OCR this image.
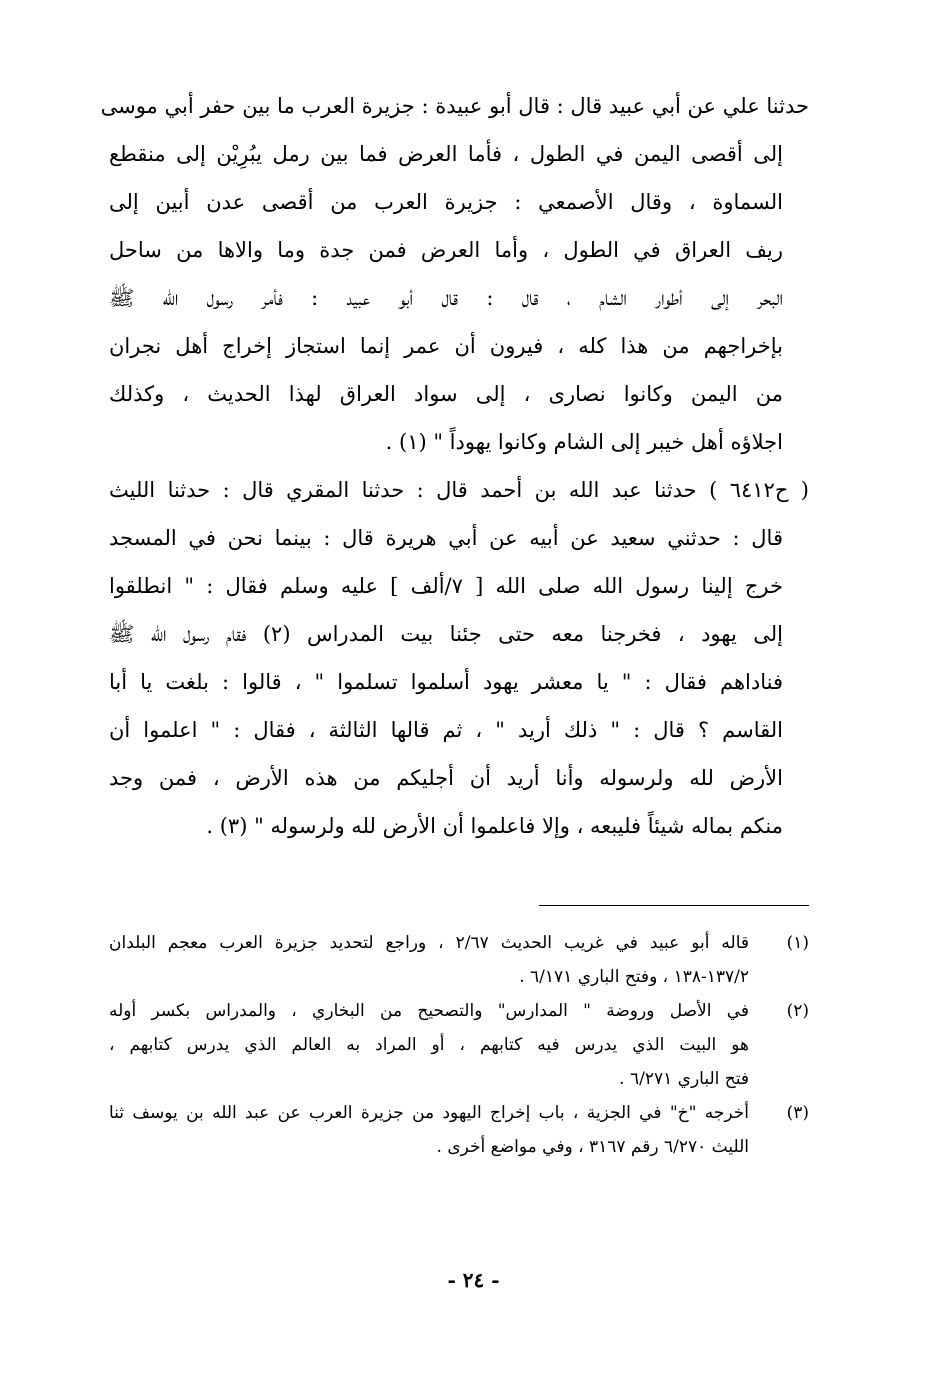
حدثنا علي عن أبي عبيد قال : قال أبو عبيدة : جزيرة العرب ما بين حفر أبي موسى
إلى أقصى اليمن في الطول ، فأما العرض فما بين رمل يبُرِيْن إلى منقطع
السماوة ، وقال الأصمعي : جزيرة العرب من أقصى عدن أبين إلى
ريف العراق في الطول ، وأما العرض فمن جدة وما والاها من ساحل
البحر إلى أطوار الشام ، قال : قال أبو عبيد : فأمر رسول الله ﷺ
بإخراجهم من هذا كله ، فيرون أن عمر إنما استجاز إخراج أهل نجران
من اليمن وكانوا نصارى ، إلى سواد العراق لهذا الحديث ، وكذلك
اجلاؤه أهل خيبر إلى الشام وكانوا يهوداً " (١) .
( ح٦٤١٢ ) حدثنا عبد الله بن أحمد قال : حدثنا المقري قال : حدثنا الليث
قال : حدثني سعيد عن أبيه عن أبي هريرة قال : بينما نحن في المسجد
خرج إلينا رسول الله صلى الله [ ٧/ألف ] عليه وسلم فقال : " انطلقوا
إلى يهود ، فخرجنا معه حتى جئنا بيت المدراس (٢) فقام رسول الله ﷺ
فناداهم فقال : " يا معشر يهود أسلموا تسلموا " ، قالوا : بلغت يا أبا
القاسم ؟ قال : " ذلك أريد " ، ثم قالها الثالثة ، فقال : " اعلموا أن
الأرض لله ولرسوله وأنا أريد أن أجليكم من هذه الأرض ، فمن وجد
منكم بماله شيئاً فليبعه ، وإلا فاعلموا أن الأرض لله ولرسوله " (٣) .
(١)
قاله أبو عبيد في غريب الحديث ٢/٦٧ ، وراجع لتحديد جزيرة العرب معجم البلدان
١٣٧/٢-١٣٨ ، وفتح الباري ٦/١٧١ .
(٢)
في الأصل وروضة " المدارس" والتصحيح من البخاري ، والمدراس بكسر أوله
هو البيت الذي يدرس فيه كتابهم ، أو المراد به العالم الذي يدرس كتابهم ،
فتح الباري ٦/٢٧١ .
(٣)
أخرجه "خ" في الجزية ، باب إخراج اليهود من جزيرة العرب عن عبد الله بن يوسف ثنا
الليث ٦/٢٧٠ رقم ٣١٦٧ ، وفي مواضع أخرى .
- ٢٤ -
